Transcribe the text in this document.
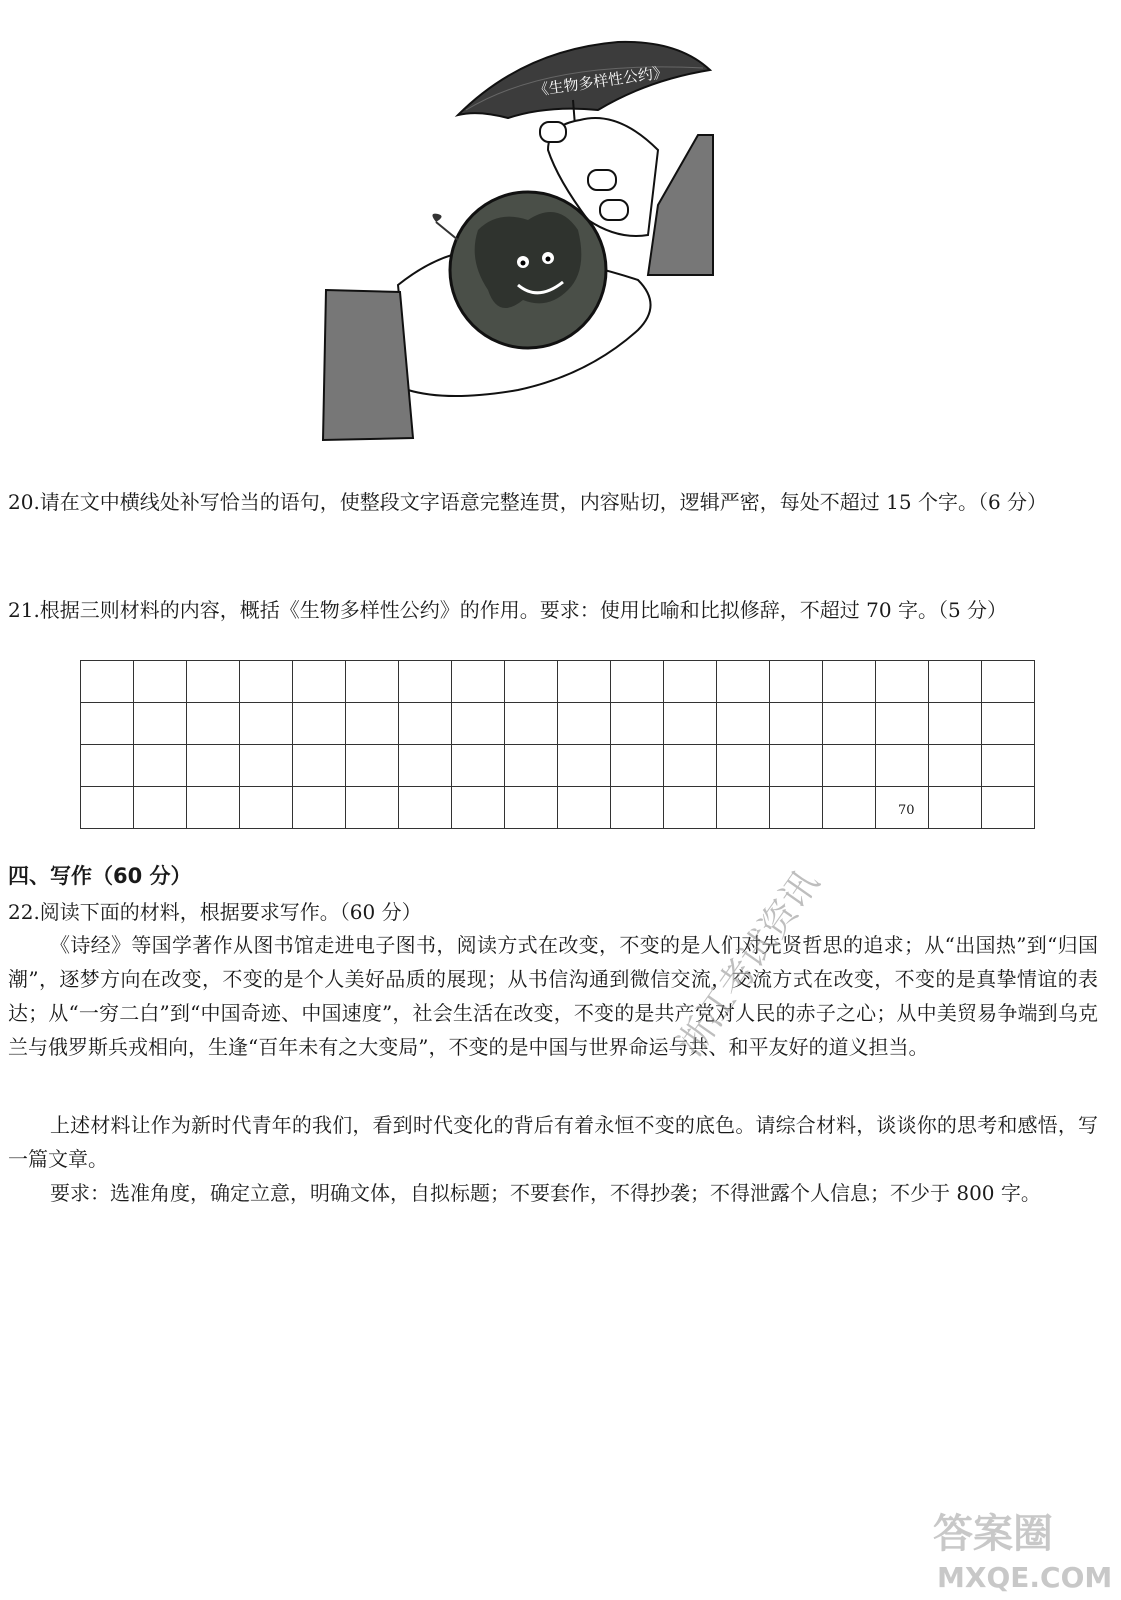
《生物多样性公约》
20.请在文中横线处补写恰当的语句，使整段文字语意完整连贯，内容贴切，逻辑严密，每处不超过 15 个字。（6 分）
21.根据三则材料的内容，概括《生物多样性公约》的作用。要求：使用比喻和比拟修辞，不超过 70 字。（5 分）

															70		

四、写作（60 分）
22.阅读下面的材料，根据要求写作。（60 分）
《诗经》等国学著作从图书馆走进电子图书，阅读方式在改变，不变的是人们对先贤哲思的追求；从“出国热”到“归国潮”，逐梦方向在改变，不变的是个人美好品质的展现；从书信沟通到微信交流，交流方式在改变，不变的是真挚情谊的表达；从“一穷二白”到“中国奇迹、中国速度”，社会生活在改变，不变的是共产党对人民的赤子之心；从中美贸易争端到乌克兰与俄罗斯兵戎相向，生逢“百年未有之大变局”，不变的是中国与世界命运与共、和平友好的道义担当。
上述材料让作为新时代青年的我们，看到时代变化的背后有着永恒不变的底色。请综合材料，谈谈你的思考和感悟，写一篇文章。
要求：选准角度，确定立意，明确文体，自拟标题；不要套作，不得抄袭；不得泄露个人信息；不少于 800 字。
浙江考试资讯
答案圈
MXQE.COM
